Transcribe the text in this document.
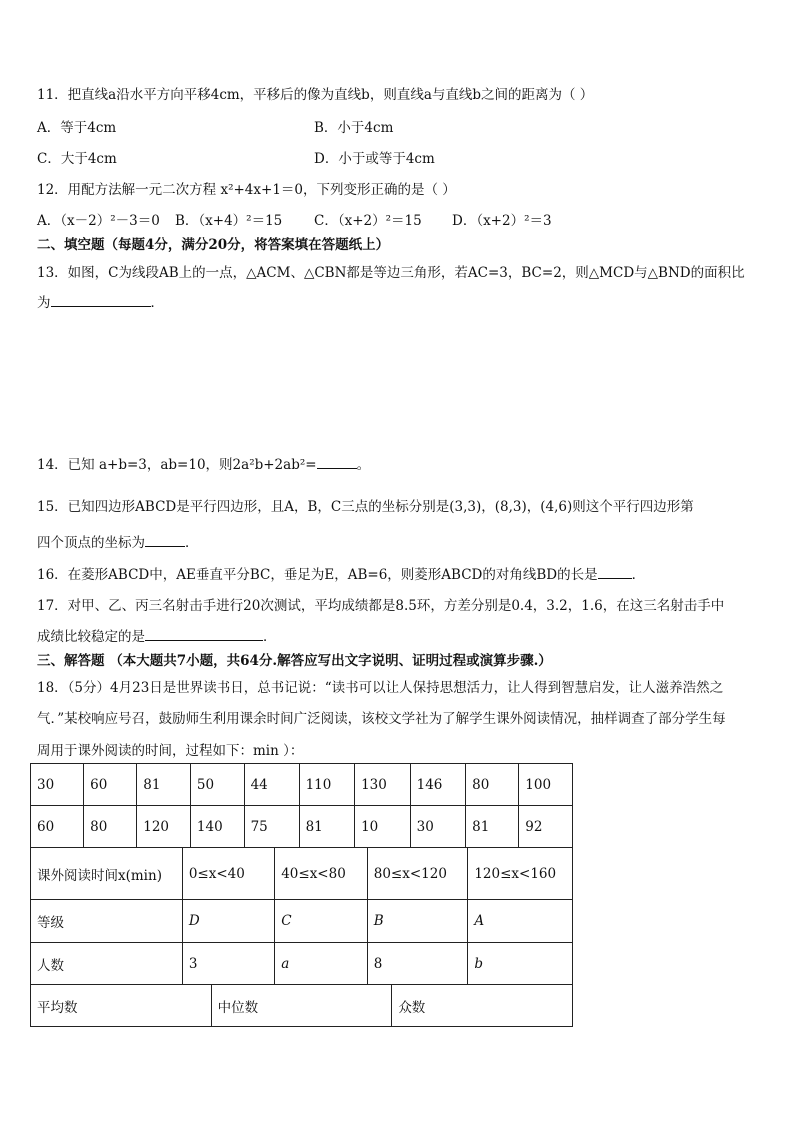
11．把直线a沿水平方向平移4cm，平移后的像为直线b，则直线a与直线b之间的距离为（ ）
A．等于4cm	B．小于4cm
C．大于4cm	D．小于或等于4cm
12．用配方法解一元二次方程 x²+4x+1＝0，下列变形正确的是（ ）
A．（x－2）²－3＝0 B．（x+4）²＝15 C．（x+2）²＝15 D．（x+2）²＝3
二、填空题（每题4分，满分20分，将答案填在答题纸上）
13．如图，C为线段AB上的一点，△ACM、△CBN都是等边三角形，若AC=3，BC=2，则△MCD与△BND的面积比
为	．
14．已知 a+b=3，ab=10，则2a²b+2ab²=	。
15．已知四边形ABCD是平行四边形，且A，B，C三点的坐标分别是(3,3)，(8,3)，(4,6)则这个平行四边形第
四个顶点的坐标为	．
16．在菱形ABCD中，AE垂直平分BC，垂足为E，AB=6，则菱形ABCD的对角线BD的长是	．
17．对甲、乙、丙三名射击手进行20次测试，平均成绩都是8.5环，方差分别是0.4，3.2，1.6，在这三名射击手中
成绩比较稳定的是	．
三、解答题 （本大题共7小题，共64分.解答应写出文字说明、证明过程或演算步骤.）
18．（5分）4月23日是世界读书日，总书记说：“读书可以让人保持思想活力，让人得到智慧启发，让人滋养浩然之
气．”某校响应号召，鼓励师生利用课余时间广泛阅读，该校文学社为了解学生课外阅读情况，抽样调查了部分学生每
周用于课外阅读的时间，过程如下：min ）：
30	60	81	50	44	110	130	146	80	100
60	80	120	140	75	81	10	30	81	92
课外阅读时间x(min)	0≤x<40	40≤x<80	80≤x<120	120≤x<160
等级	D	C	B	A
人数	3	a	8	b
平均数	中位数	众数
